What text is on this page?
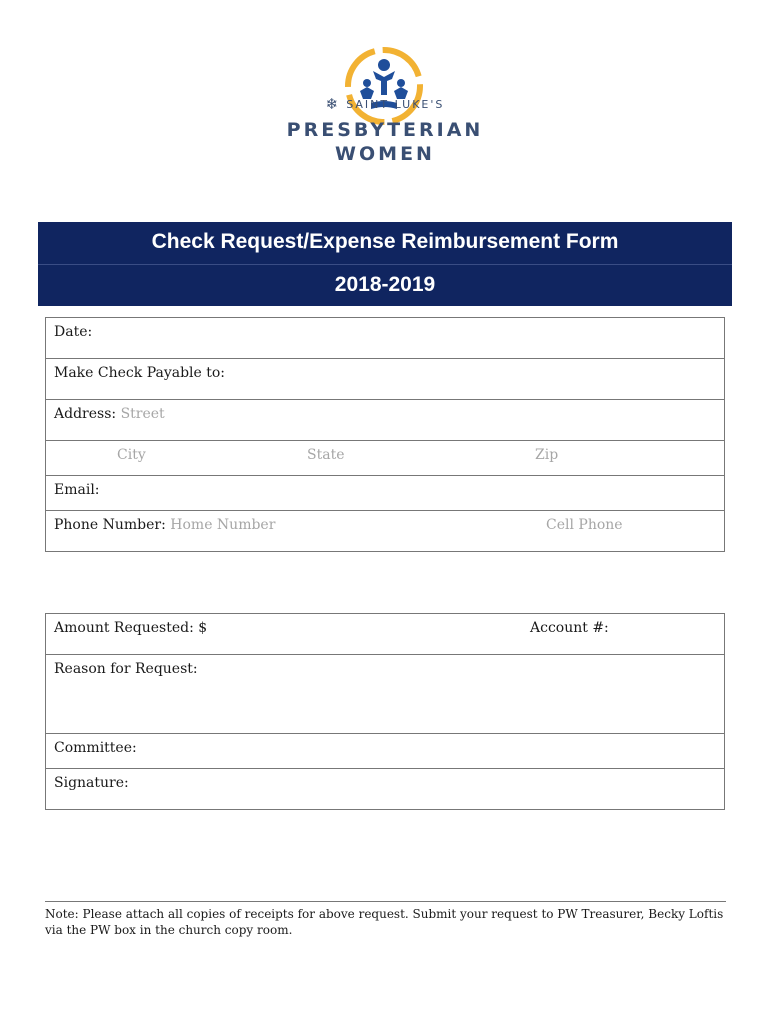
❄ SAINT LUKE'S
PRESBYTERIAN
WOMEN
Check Request/Expense Reimbursement Form
2018-2019
Date:
Make Check Payable to:
Address: Street
City	State	Zip
Email:
Phone Number: Home Number	Cell Phone
Amount Requested: $	Account #:
Reason for Request:
Committee:
Signature:
Note: Please attach all copies of receipts for above request. Submit your request to PW Treasurer, Becky Loftis via the PW box in the church copy room.
